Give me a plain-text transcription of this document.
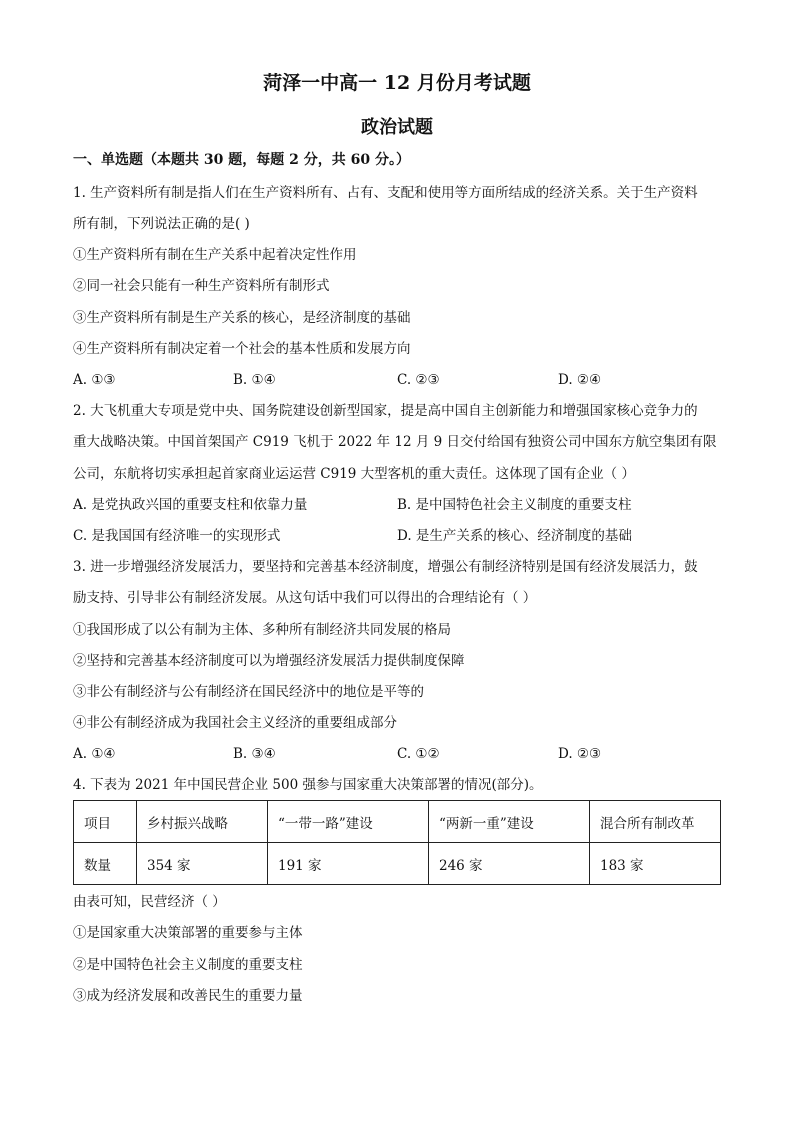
菏泽一中高一 12 月份月考试题
政治试题
一、单选题（本题共 30 题，每题 2 分，共 60 分。）
1. 生产资料所有制是指人们在生产资料所有、占有、支配和使用等方面所结成的经济关系。关于生产资料
所有制，下列说法正确的是( )
①生产资料所有制在生产关系中起着决定性作用
②同一社会只能有一种生产资料所有制形式
③生产资料所有制是生产关系的核心，是经济制度的基础
④生产资料所有制决定着一个社会的基本性质和发展方向
A. ①③	B. ①④	C. ②③	D. ②④
2. 大飞机重大专项是党中央、国务院建设创新型国家，提是高中国自主创新能力和增强国家核心竞争力的
重大战略决策。中国首架国产 C919 飞机于 2022 年 12 月 9 日交付给国有独资公司中国东方航空集团有限
公司，东航将切实承担起首家商业运运营 C919 大型客机的重大责任。这体现了国有企业（ ）
A. 是党执政兴国的重要支柱和依靠力量	B. 是中国特色社会主义制度的重要支柱
C. 是我国国有经济唯一的实现形式	D. 是生产关系的核心、经济制度的基础
3. 进一步增强经济发展活力，要坚持和完善基本经济制度，增强公有制经济特别是国有经济发展活力，鼓
励支持、引导非公有制经济发展。从这句话中我们可以得出的合理结论有（ ）
①我国形成了以公有制为主体、多种所有制经济共同发展的格局
②坚持和完善基本经济制度可以为增强经济发展活力提供制度保障
③非公有制经济与公有制经济在国民经济中的地位是平等的
④非公有制经济成为我国社会主义经济的重要组成部分
A. ①④	B. ③④	C. ①②	D. ②③
4. 下表为 2021 年中国民营企业 500 强参与国家重大决策部署的情况(部分)。
项目	乡村振兴战略	“一带一路”建设	“两新一重”建设	混合所有制改革
数量	354 家	191 家	246 家	183 家
由表可知，民营经济（ ）
①是国家重大决策部署的重要参与主体
②是中国特色社会主义制度的重要支柱
③成为经济发展和改善民生的重要力量
